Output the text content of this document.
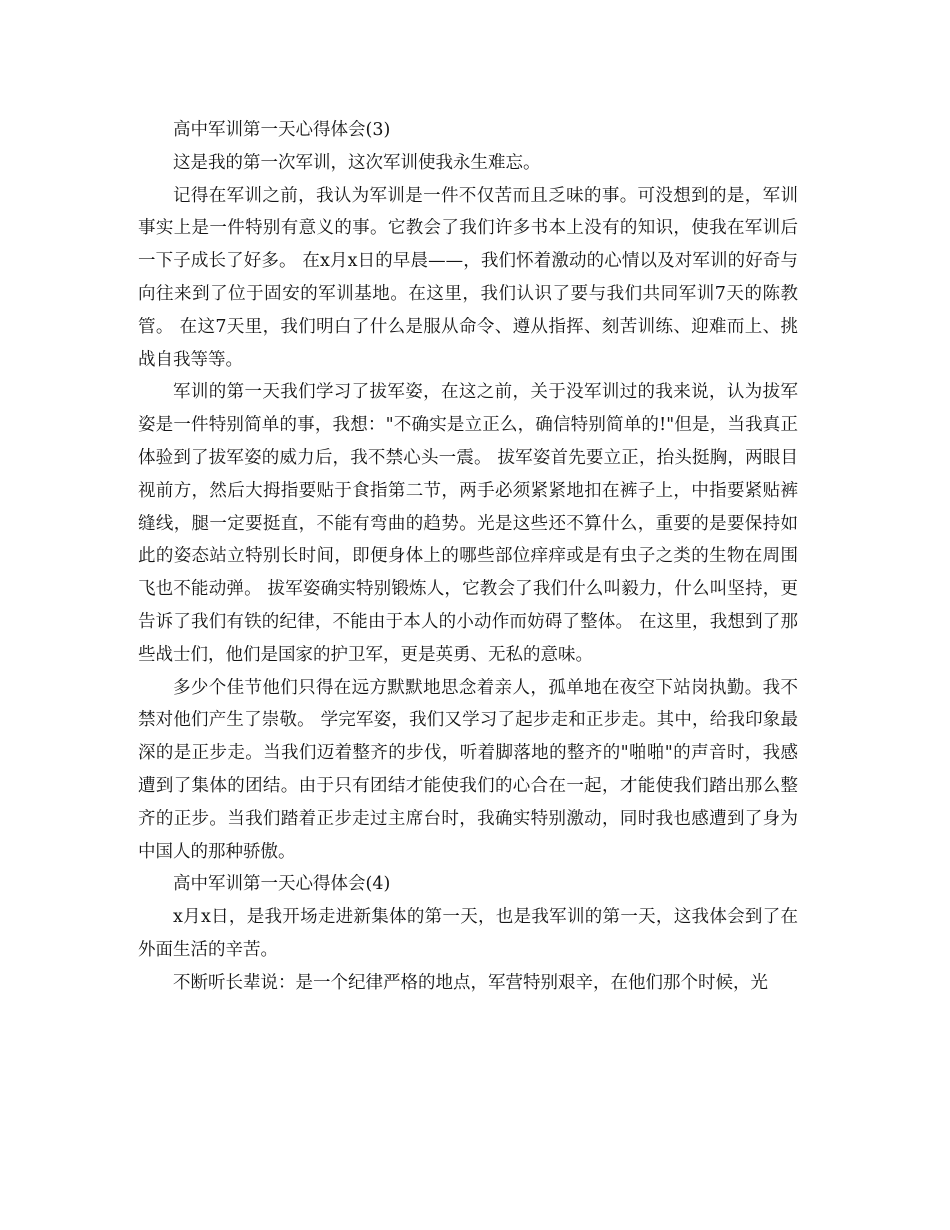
高中军训第一天心得体会(3)

这是我的第一次军训，这次军训使我永生难忘。

记得在军训之前，我认为军训是一件不仅苦而且乏味的事。可没想到的是，军训事实上是一件特别有意义的事。它教会了我们许多书本上没有的知识，使我在军训后一下子成长了好多。 在x月x日的早晨——，我们怀着激动的心情以及对军训的好奇与向往来到了位于固安的军训基地。在这里，我们认识了要与我们共同军训7天的陈教管。 在这7天里，我们明白了什么是服从命令、遵从指挥、刻苦训练、迎难而上、挑战自我等等。

军训的第一天我们学习了拔军姿，在这之前，关于没军训过的我来说，认为拔军姿是一件特别简单的事，我想："不确实是立正么，确信特别简单的!"但是，当我真正体验到了拔军姿的威力后，我不禁心头一震。 拔军姿首先要立正，抬头挺胸，两眼目视前方，然后大拇指要贴于食指第二节，两手必须紧紧地扣在裤子上，中指要紧贴裤缝线，腿一定要挺直，不能有弯曲的趋势。光是这些还不算什么，重要的是要保持如此的姿态站立特别长时间，即便身体上的哪些部位痒痒或是有虫子之类的生物在周围飞也不能动弹。 拔军姿确实特别锻炼人，它教会了我们什么叫毅力，什么叫坚持，更告诉了我们有铁的纪律，不能由于本人的小动作而妨碍了整体。 在这里，我想到了那些战士们，他们是国家的护卫军，更是英勇、无私的意味。

多少个佳节他们只得在远方默默地思念着亲人，孤单地在夜空下站岗执勤。我不禁对他们产生了崇敬。 学完军姿，我们又学习了起步走和正步走。其中，给我印象最深的是正步走。当我们迈着整齐的步伐，听着脚落地的整齐的"啪啪"的声音时，我感遭到了集体的团结。由于只有团结才能使我们的心合在一起，才能使我们踏出那么整齐的正步。当我们踏着正步走过主席台时，我确实特别激动，同时我也感遭到了身为中国人的那种骄傲。

高中军训第一天心得体会(4)

x月x日，是我开场走进新集体的第一天，也是我军训的第一天，这我体会到了在外面生活的辛苦。

不断听长辈说：是一个纪律严格的地点，军营特别艰辛，在他们那个时候，光
